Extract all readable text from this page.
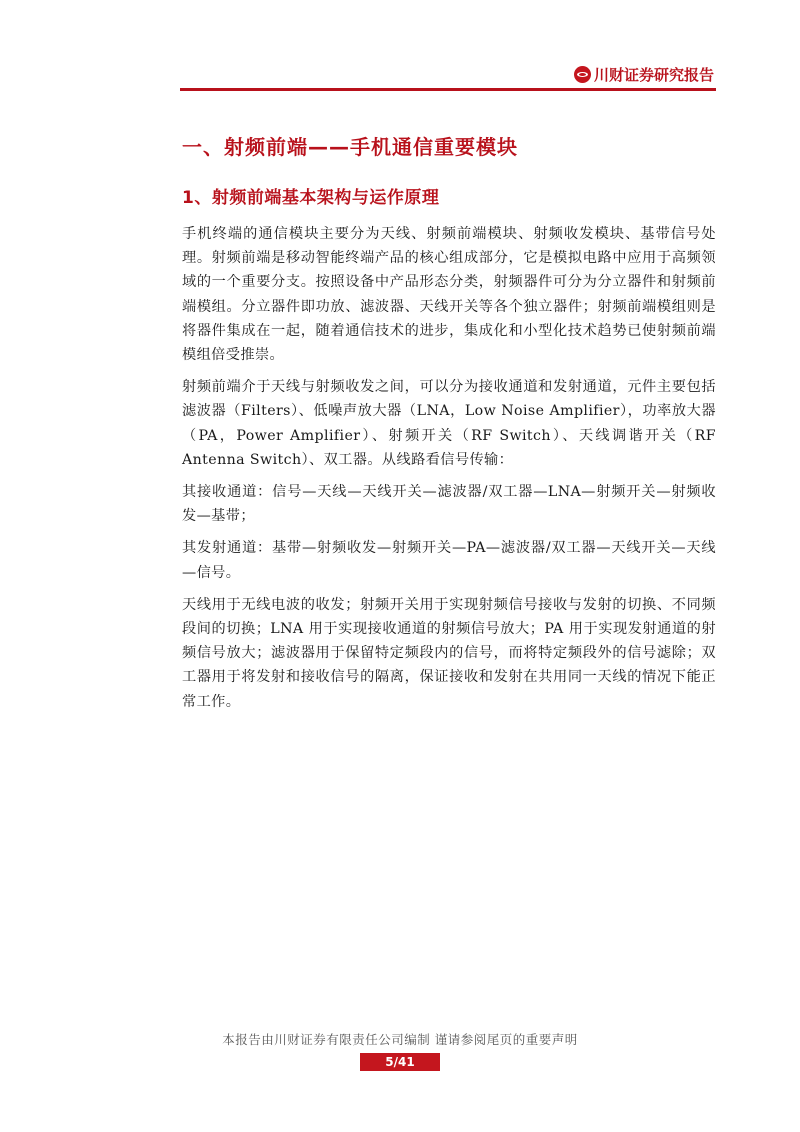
川财证券研究报告
一、射频前端——手机通信重要模块
1、射频前端基本架构与运作原理

手机终端的通信模块主要分为天线、射频前端模块、射频收发模块、基带信号处理。射频前端是移动智能终端产品的核心组成部分，它是模拟电路中应用于高频领域的一个重要分支。按照设备中产品形态分类，射频器件可分为分立器件和射频前端模组。分立器件即功放、滤波器、天线开关等各个独立器件；射频前端模组则是将器件集成在一起，随着通信技术的进步，集成化和小型化技术趋势已使射频前端模组倍受推崇。

射频前端介于天线与射频收发之间，可以分为接收通道和发射通道，元件主要包括滤波器（Filters）、低噪声放大器（LNA，Low Noise Amplifier），功率放大器（PA，Power Amplifier）、射频开关（RF Switch）、天线调谐开关（RF Antenna Switch）、双工器。从线路看信号传输：

其接收通道：信号—天线—天线开关—滤波器/双工器—LNA—射频开关—射频收发—基带；

其发射通道：基带—射频收发—射频开关—PA—滤波器/双工器—天线开关—天线—信号。

天线用于无线电波的收发；射频开关用于实现射频信号接收与发射的切换、不同频段间的切换；LNA 用于实现接收通道的射频信号放大；PA 用于实现发射通道的射频信号放大；滤波器用于保留特定频段内的信号，而将特定频段外的信号滤除；双工器用于将发射和接收信号的隔离，保证接收和发射在共用同一天线的情况下能正常工作。

本报告由川财证券有限责任公司编制 谨请参阅尾页的重要声明
5/41
